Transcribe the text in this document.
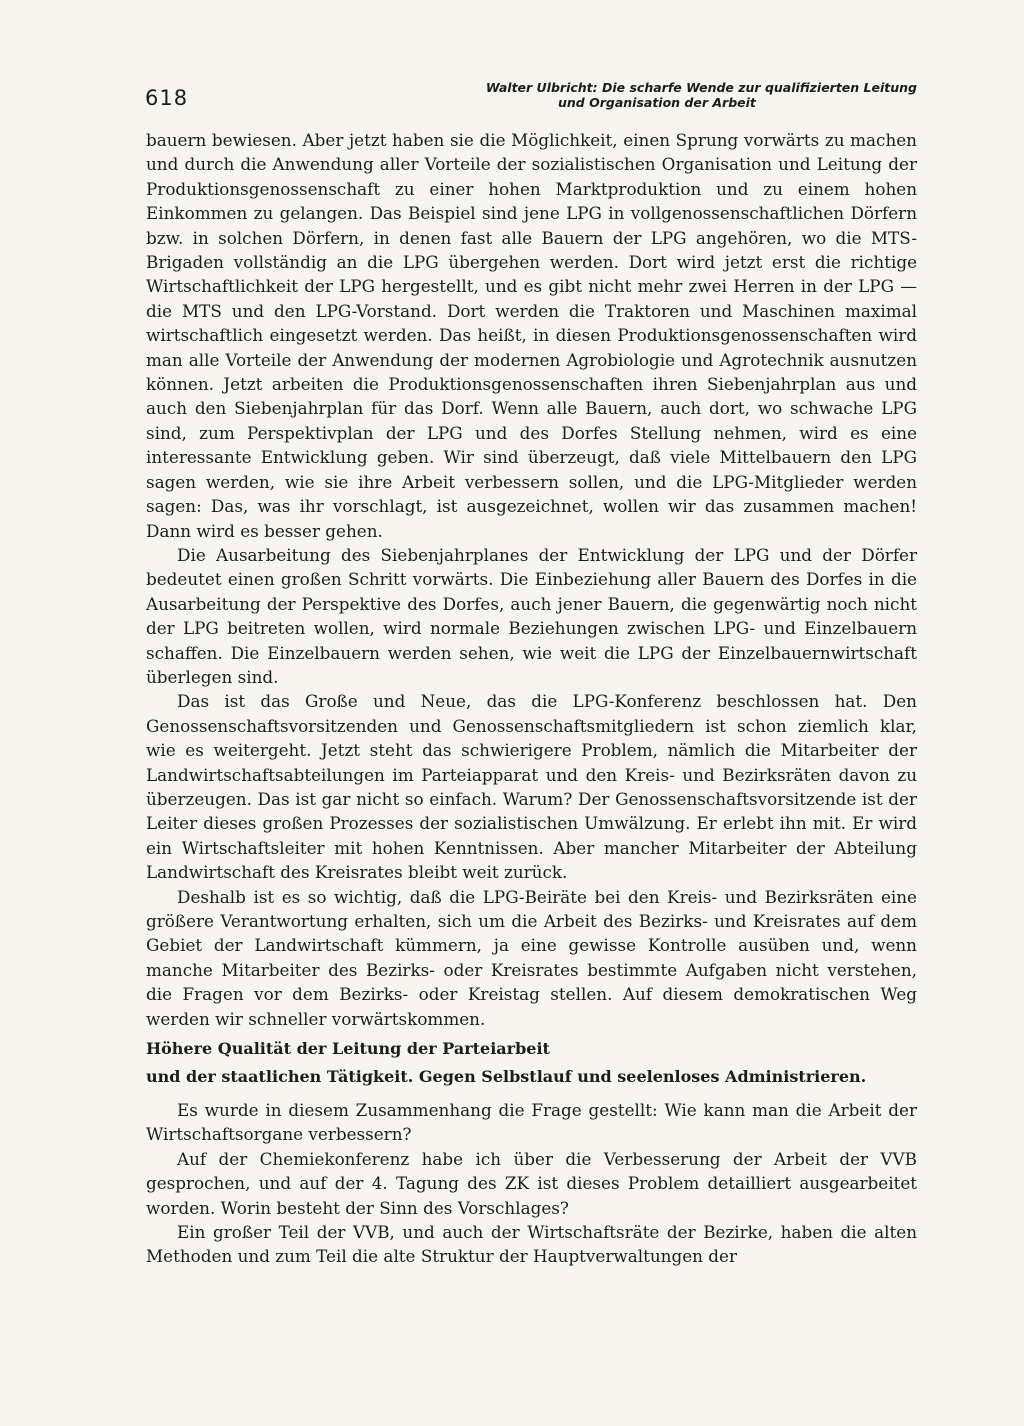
618	Walter Ulbricht: Die scharfe Wende zur qualifizierten Leitung
und Organisation der Arbeit

bauern bewiesen. Aber jetzt haben sie die Möglichkeit, einen Sprung vorwärts zu machen und durch die Anwendung aller Vorteile der sozialistischen Organisation und Leitung der Produktionsgenossenschaft zu einer hohen Marktproduktion und zu einem hohen Einkommen zu gelangen. Das Beispiel sind jene LPG in vollgenossenschaftlichen Dörfern bzw. in solchen Dörfern, in denen fast alle Bauern der LPG angehören, wo die MTS-Brigaden vollständig an die LPG übergehen werden. Dort wird jetzt erst die richtige Wirtschaftlichkeit der LPG hergestellt, und es gibt nicht mehr zwei Herren in der LPG — die MTS und den LPG-Vorstand. Dort werden die Traktoren und Maschinen maximal wirtschaftlich eingesetzt werden. Das heißt, in diesen Produktionsgenossenschaften wird man alle Vorteile der Anwendung der modernen Agrobiologie und Agrotechnik ausnutzen können. Jetzt arbeiten die Produktionsgenossenschaften ihren Siebenjahrplan aus und auch den Siebenjahrplan für das Dorf. Wenn alle Bauern, auch dort, wo schwache LPG sind, zum Perspektivplan der LPG und des Dorfes Stellung nehmen, wird es eine interessante Entwicklung geben. Wir sind überzeugt, daß viele Mittelbauern den LPG sagen werden, wie sie ihre Arbeit verbessern sollen, und die LPG-Mitglieder werden sagen: Das, was ihr vorschlagt, ist ausgezeichnet, wollen wir das zusammen machen! Dann wird es besser gehen.

Die Ausarbeitung des Siebenjahrplanes der Entwicklung der LPG und der Dörfer bedeutet einen großen Schritt vorwärts. Die Einbeziehung aller Bauern des Dorfes in die Ausarbeitung der Perspektive des Dorfes, auch jener Bauern, die gegenwärtig noch nicht der LPG beitreten wollen, wird normale Beziehungen zwischen LPG- und Einzelbauern schaffen. Die Einzelbauern werden sehen, wie weit die LPG der Einzelbauernwirtschaft überlegen sind.

Das ist das Große und Neue, das die LPG-Konferenz beschlossen hat. Den Genossenschaftsvorsitzenden und Genossenschaftsmitgliedern ist schon ziemlich klar, wie es weitergeht. Jetzt steht das schwierigere Problem, nämlich die Mitarbeiter der Landwirtschaftsabteilungen im Parteiapparat und den Kreis- und Bezirksräten davon zu überzeugen. Das ist gar nicht so einfach. Warum? Der Genossenschaftsvorsitzende ist der Leiter dieses großen Prozesses der sozialistischen Umwälzung. Er erlebt ihn mit. Er wird ein Wirtschaftsleiter mit hohen Kenntnissen. Aber mancher Mitarbeiter der Abteilung Landwirtschaft des Kreisrates bleibt weit zurück.

Deshalb ist es so wichtig, daß die LPG-Beiräte bei den Kreis- und Bezirksräten eine größere Verantwortung erhalten, sich um die Arbeit des Bezirks- und Kreisrates auf dem Gebiet der Landwirtschaft kümmern, ja eine gewisse Kontrolle ausüben und, wenn manche Mitarbeiter des Bezirks- oder Kreisrates bestimmte Aufgaben nicht verstehen, die Fragen vor dem Bezirks- oder Kreistag stellen. Auf diesem demokratischen Weg werden wir schneller vorwärtskommen.

Höhere Qualität der Leitung der Parteiarbeit
und der staatlichen Tätigkeit. Gegen Selbstlauf und seelenloses Administrieren.

Es wurde in diesem Zusammenhang die Frage gestellt: Wie kann man die Arbeit der Wirtschaftsorgane verbessern?

Auf der Chemiekonferenz habe ich über die Verbesserung der Arbeit der VVB gesprochen, und auf der 4. Tagung des ZK ist dieses Problem detailliert ausgearbeitet worden. Worin besteht der Sinn des Vorschlages?

Ein großer Teil der VVB, und auch der Wirtschaftsräte der Bezirke, haben die alten Methoden und zum Teil die alte Struktur der Hauptverwaltungen der
